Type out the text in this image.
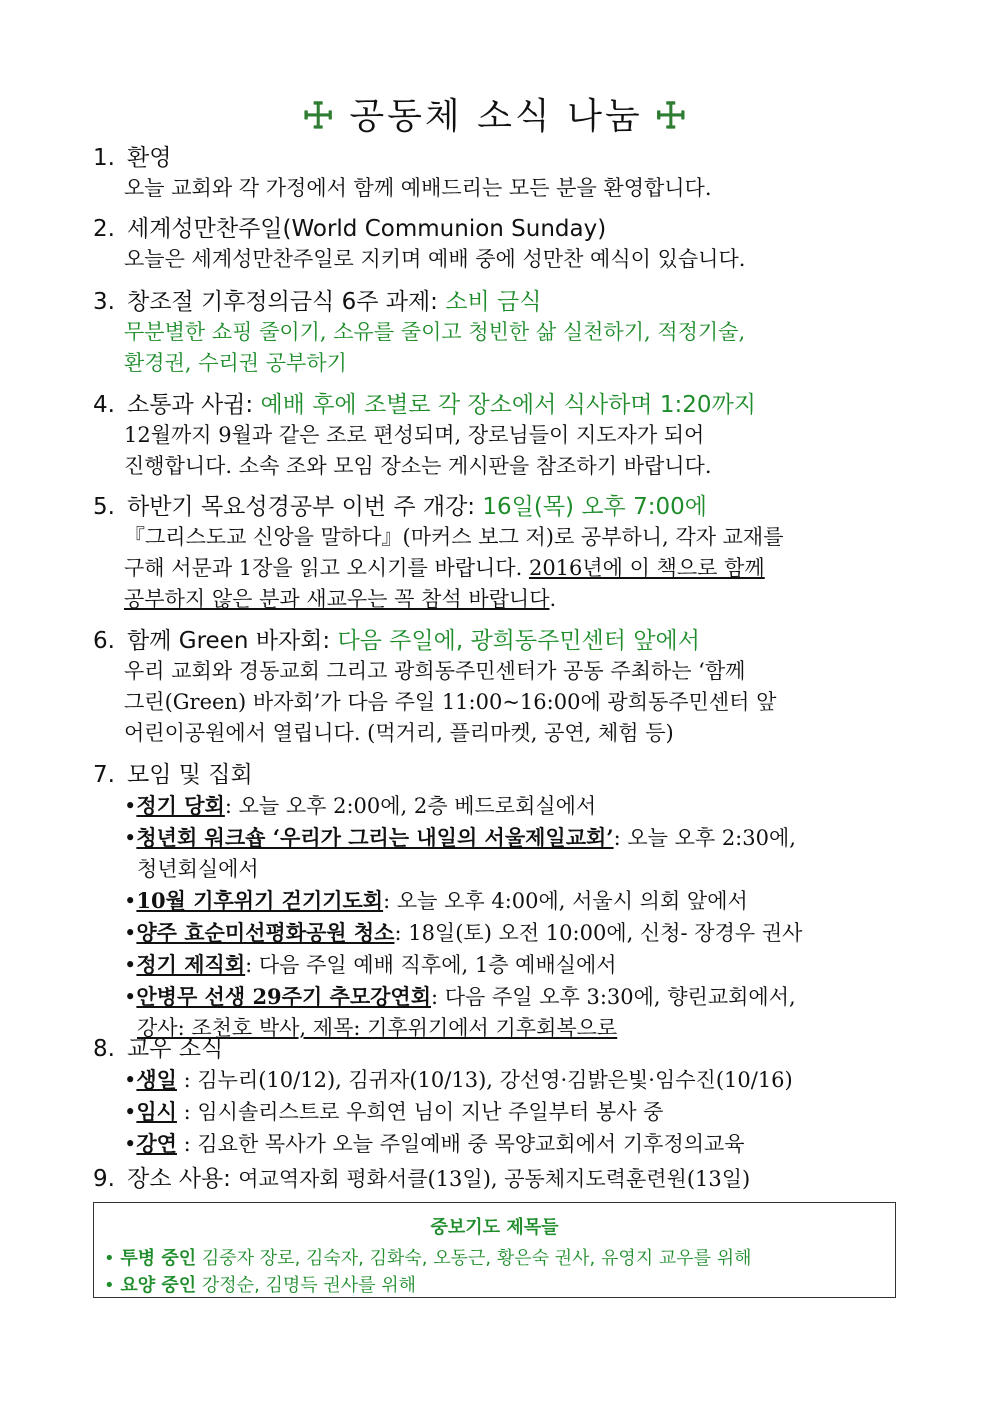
☩ 공동체 소식 나눔 ☩
1. 환영
오늘 교회와 각 가정에서 함께 예배드리는 모든 분을 환영합니다.
2. 세계성만찬주일(World Communion Sunday)
오늘은 세계성만찬주일로 지키며 예배 중에 성만찬 예식이 있습니다.
3. 창조절 기후정의금식 6주 과제: 소비 금식
무분별한 쇼핑 줄이기, 소유를 줄이고 청빈한 삶 실천하기, 적정기술,
환경권, 수리권 공부하기
4. 소통과 사귐: 예배 후에 조별로 각 장소에서 식사하며 1:20까지
12월까지 9월과 같은 조로 편성되며, 장로님들이 지도자가 되어
진행합니다. 소속 조와 모임 장소는 게시판을 참조하기 바랍니다.
5. 하반기 목요성경공부 이번 주 개강: 16일(목) 오후 7:00에
『그리스도교 신앙을 말하다』(마커스 보그 저)로 공부하니, 각자 교재를
구해 서문과 1장을 읽고 오시기를 바랍니다. 2016년에 이 책으로 함께
공부하지 않은 분과 새교우는 꼭 참석 바랍니다.
6. 함께 Green 바자회: 다음 주일에, 광희동주민센터 앞에서
우리 교회와 경동교회 그리고 광희동주민센터가 공동 주최하는 ‘함께
그린(Green) 바자회’가 다음 주일 11:00~16:00에 광희동주민센터 앞
어린이공원에서 열립니다. (먹거리, 플리마켓, 공연, 체험 등)
7. 모임 및 집회
•정기 당회: 오늘 오후 2:00에, 2층 베드로회실에서
•청년회 워크숍 ‘우리가 그리는 내일의 서울제일교회’: 오늘 오후 2:30에,
청년회실에서
•10월 기후위기 걷기기도회: 오늘 오후 4:00에, 서울시 의회 앞에서
•양주 효순미선평화공원 청소: 18일(토) 오전 10:00에, 신청- 장경우 권사
•정기 제직회: 다음 주일 예배 직후에, 1층 예배실에서
•안병무 선생 29주기 추모강연회: 다음 주일 오후 3:30에, 향린교회에서,
강사: 조천호 박사, 제목: 기후위기에서 기후회복으로
8. 교우 소식
•생일 : 김누리(10/12), 김귀자(10/13), 강선영·김밝은빛·임수진(10/16)
•임시 : 임시솔리스트로 우희연 님이 지난 주일부터 봉사 중
•강연 : 김요한 목사가 오늘 주일예배 중 목양교회에서 기후정의교육
9. 장소 사용: 여교역자회 평화서클(13일), 공동체지도력훈련원(13일)
중보기도 제목들
• 투병 중인 김중자 장로, 김숙자, 김화숙, 오동근, 황은숙 권사, 유영지 교우를 위해
• 요양 중인 강정순, 김명득 권사를 위해
